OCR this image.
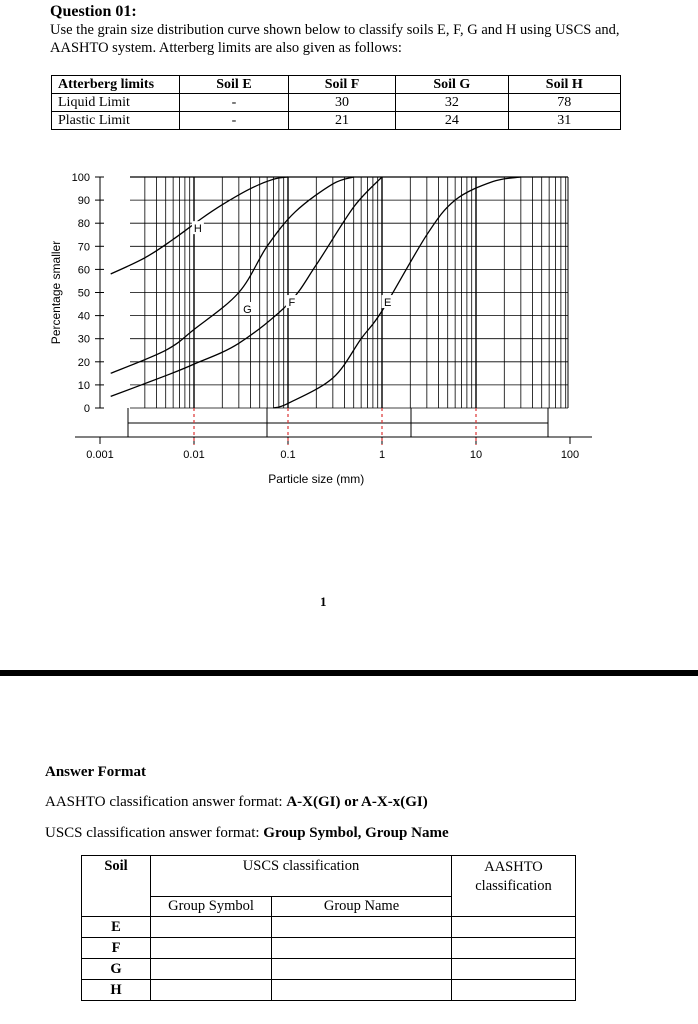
Question 01:
Use the grain size distribution curve shown below to classify soils E, F, G and H using USCS and, AASHTO system. Atterberg limits are also given as follows:
Atterberg limits	Soil E	Soil F	Soil G	Soil H
Liquid Limit	-	30	32	78
Plastic Limit	-	21	24	31
0
10
20
30
40
50
60
70
80
90
100
0.001	0.01	0.1	1	10	100
Particle size (mm)
Percentage smaller
H
G
F	E
1
Answer Format
AASHTO classification answer format: A-X(GI) or A-X-x(GI)
USCS classification answer format: Group Symbol, Group Name
Soil	USCS classification		AASHTO classification
	Group Symbol	Group Name	
E			
F			
G			
H			
